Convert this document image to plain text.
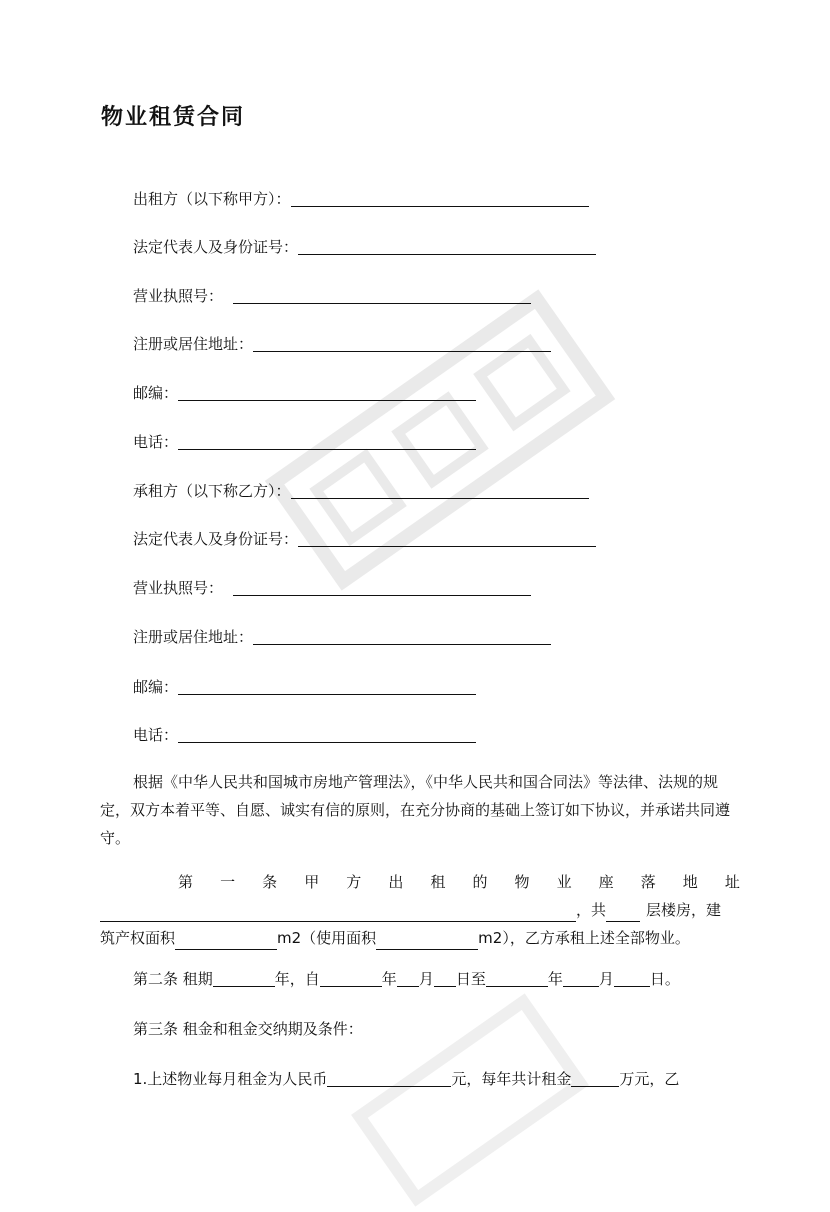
物业租赁合同
出租方（以下称甲方）：
法定代表人及身份证号：
营业执照号：
注册或居住地址：
邮编：
电话：
承租方（以下称乙方）：
法定代表人及身份证号：
营业执照号：
注册或居住地址：
邮编：
电话：
根据《中华人民共和国城市房地产管理法》，《中华人民共和国合同法》等法律、法规的规定，双方本着平等、自愿、诚实有信的原则，在充分协商的基础上签订如下协议，并承诺共同遵守。
第 一 条 甲 方 出 租 的 物 业 座 落 地 址
，共	层楼房，建
筑产权面积	m2（使用面积	m2），乙方承租上述全部物业。
第二条 租期	年，自	年 月 日至	年 月 日。
第三条 租金和租金交纳期及条件：
1.上述物业每月租金为人民币	元，每年共计租金	万元，乙
